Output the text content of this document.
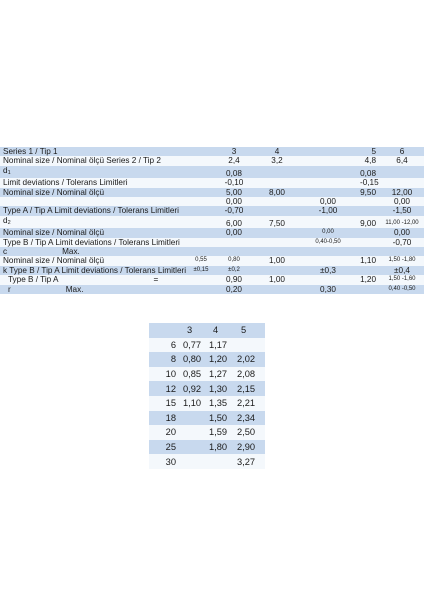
Series 1 / Tip 1		3	4		5	6
Nominal size / Nominal ölçü Series 2 / Tip 2		2,4	3,2		4,8	6,4
d1		0,08			0,08	
Limit deviations / Tolerans Limitleri		-0,10			-0,15	
Nominal size / Nominal ölçü		5,00	8,00		9,50	12,00
		0,00		0,00		0,00
Type A / Tip A Limit deviations / Tolerans Limitleri		-0,70		-1,00		-1,50
d2		6,00	7,50		9,00	11,00 -12,00
Nominal size / Nominal ölçü		0,00		0,00		0,00
Type B / Tip A Limit deviations / Tolerans Limitleri				0,40-0,50		-0,70
c Max.						
Nominal size / Nominal ölçü	0,55	0,80	1,00		1,10	1,50 -1,80
k Type B / Tip A Limit deviations / Tolerans Limitleri	±0,15	±0,2		±0,3		±0,4
Type B / Tip A =		0,90	1,00		1,20	1,50 -1,60
r Max.		0,20		0,30		0,40 -0,50
	3	4	5
6	0,77	1,17	
8	0,80	1,20	2,02
10	0,85	1,27	2,08
12	0,92	1,30	2,15
15	1,10	1,35	2,21
18		1,50	2,34
20		1,59	2,50
25		1,80	2,90
30			3,27
